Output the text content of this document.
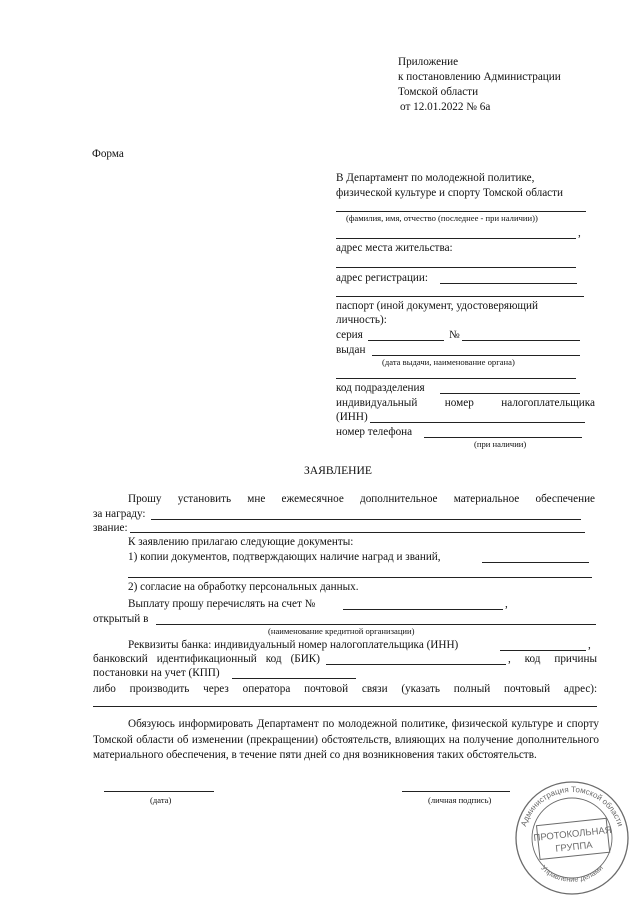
Приложение
к постановлению Администрации
Томской области
от 12.01.2022 № 6а
Форма
В Департамент по молодежной политике,
физической культуре и спорту Томской области
(фамилия, имя, отчество (последнее - при наличии))
,
адрес места жительства:
адрес регистрации:
паспорт (иной документ, удостоверяющий
личность):
серия	№
выдан
(дата выдачи, наименование органа)
код подразделения
индивидуальный номер налогоплательщика
(ИНН)
номер телефона
(при наличии)
ЗАЯВЛЕНИЕ
Прошу установить мне ежемесячное дополнительное материальное обеспечение
за награду:
звание:
К заявлению прилагаю следующие документы:
1) копии документов, подтверждающих наличие наград и званий,
2) согласие на обработку персональных данных.
Выплату прошу перечислять на счет №	,
открытый в
(наименование кредитной организации)
Реквизиты банка: индивидуальный номер налогоплательщика (ИНН)	,
банковский идентификационный код (БИК)	, код причины
постановки на учет (КПП)
либо производить через оператора почтовой связи (указать полный почтовый адрес):
Обязуюсь информировать Департамент по молодежной политике, физической культуре и спорту Томской области об изменении (прекращении) обстоятельств, влияющих на получение дополнительного материального обеспечения, в течение пяти дней со дня возникновения таких обстоятельств.
(дата)	(личная подпись)
Администрация Томской области
Управление делами
ПРОТОКОЛЬНАЯ
ГРУППА
